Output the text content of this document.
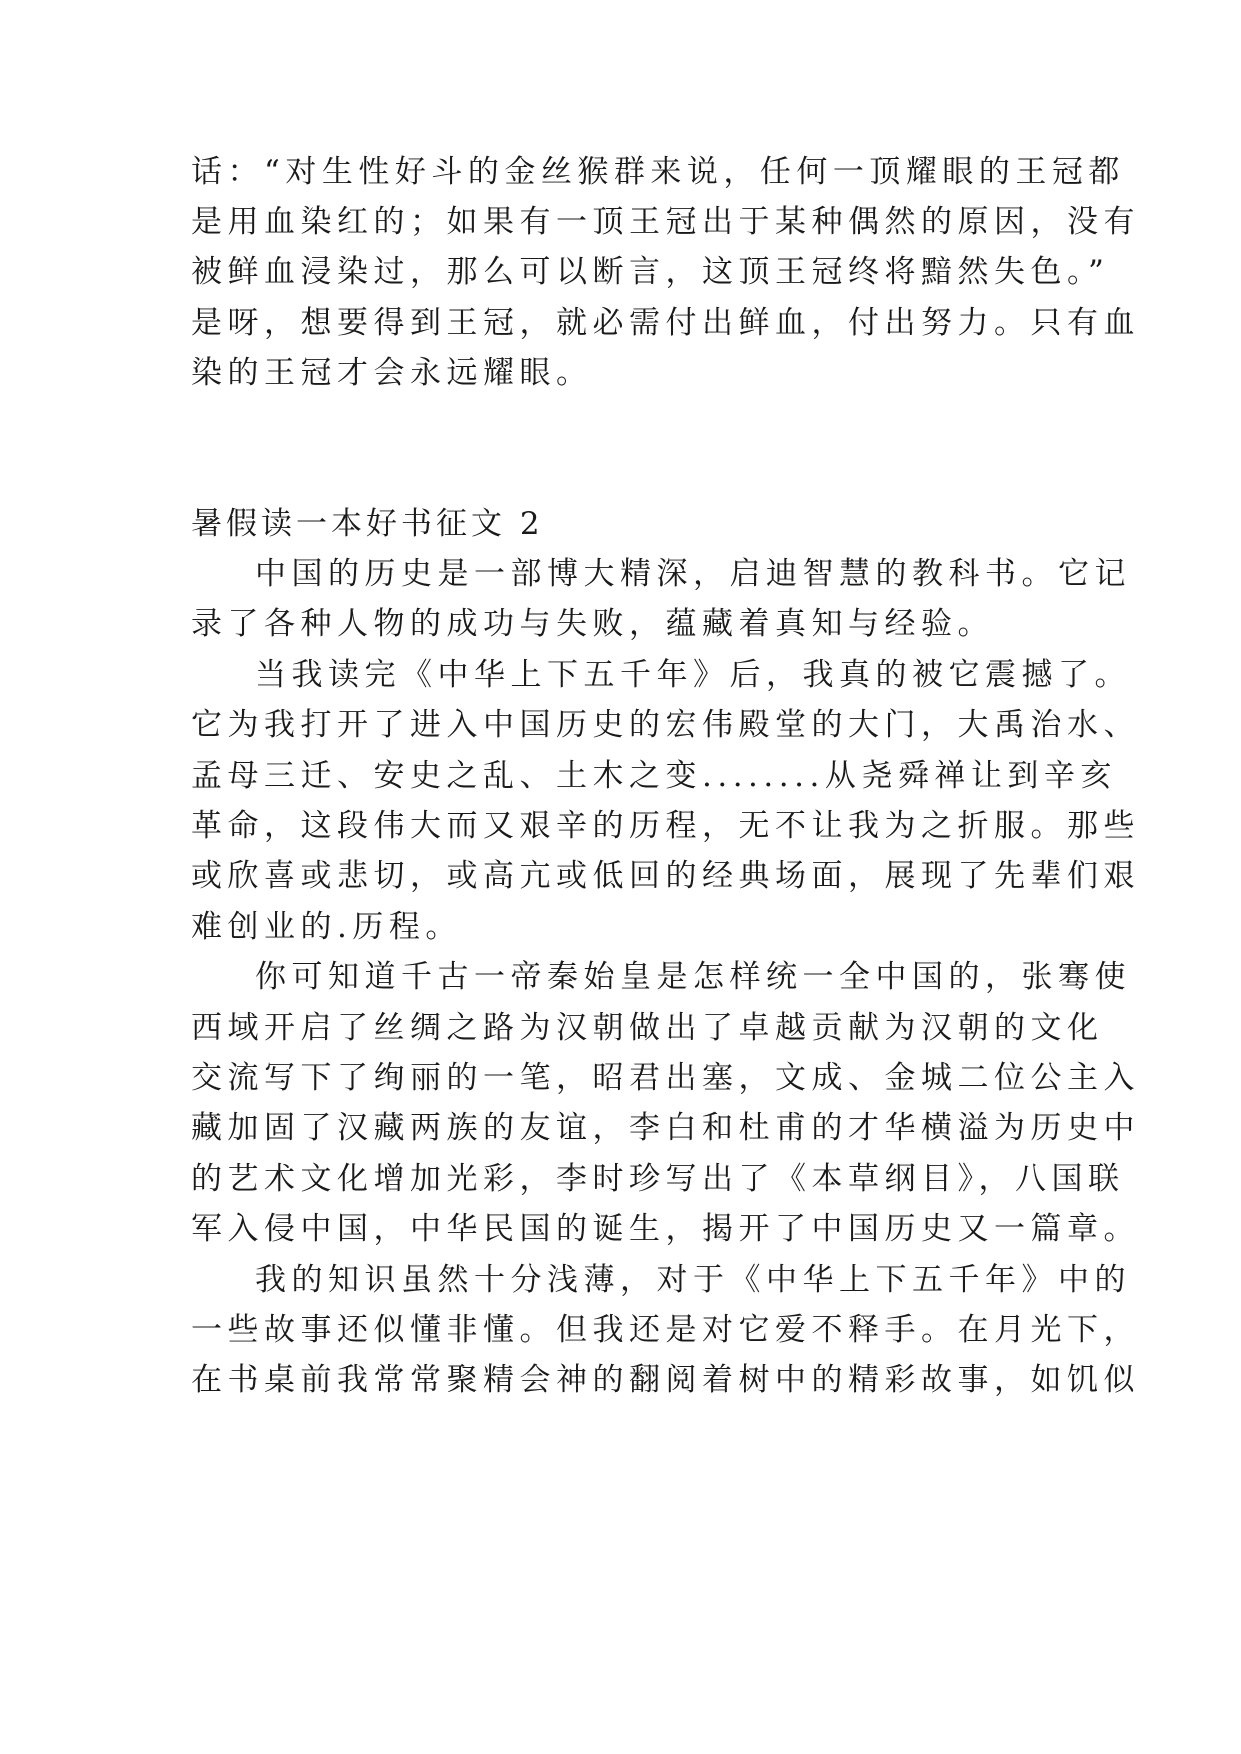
话：“对生性好斗的金丝猴群来说，任何一顶耀眼的王冠都
是用血染红的；如果有一顶王冠出于某种偶然的原因，没有
被鲜血浸染过，那么可以断言，这顶王冠终将黯然失色。”
是呀，想要得到王冠，就必需付出鲜血，付出努力。只有血
染的王冠才会永远耀眼。
暑假读一本好书征文 2
中国的历史是一部博大精深，启迪智慧的教科书。它记
录了各种人物的成功与失败，蕴藏着真知与经验。
当我读完《中华上下五千年》后，我真的被它震撼了。
它为我打开了进入中国历史的宏伟殿堂的大门，大禹治水、
孟母三迁、安史之乱、土木之变........从尧舜禅让到辛亥
革命，这段伟大而又艰辛的历程，无不让我为之折服。那些
或欣喜或悲切，或高亢或低回的经典场面，展现了先辈们艰
难创业的.历程。
你可知道千古一帝秦始皇是怎样统一全中国的，张骞使
西域开启了丝绸之路为汉朝做出了卓越贡献为汉朝的文化
交流写下了绚丽的一笔，昭君出塞，文成、金城二位公主入
藏加固了汉藏两族的友谊，李白和杜甫的才华横溢为历史中
的艺术文化增加光彩，李时珍写出了《本草纲目》，八国联
军入侵中国，中华民国的诞生，揭开了中国历史又一篇章。
我的知识虽然十分浅薄，对于《中华上下五千年》中的
一些故事还似懂非懂。但我还是对它爱不释手。在月光下，
在书桌前我常常聚精会神的翻阅着树中的精彩故事，如饥似
